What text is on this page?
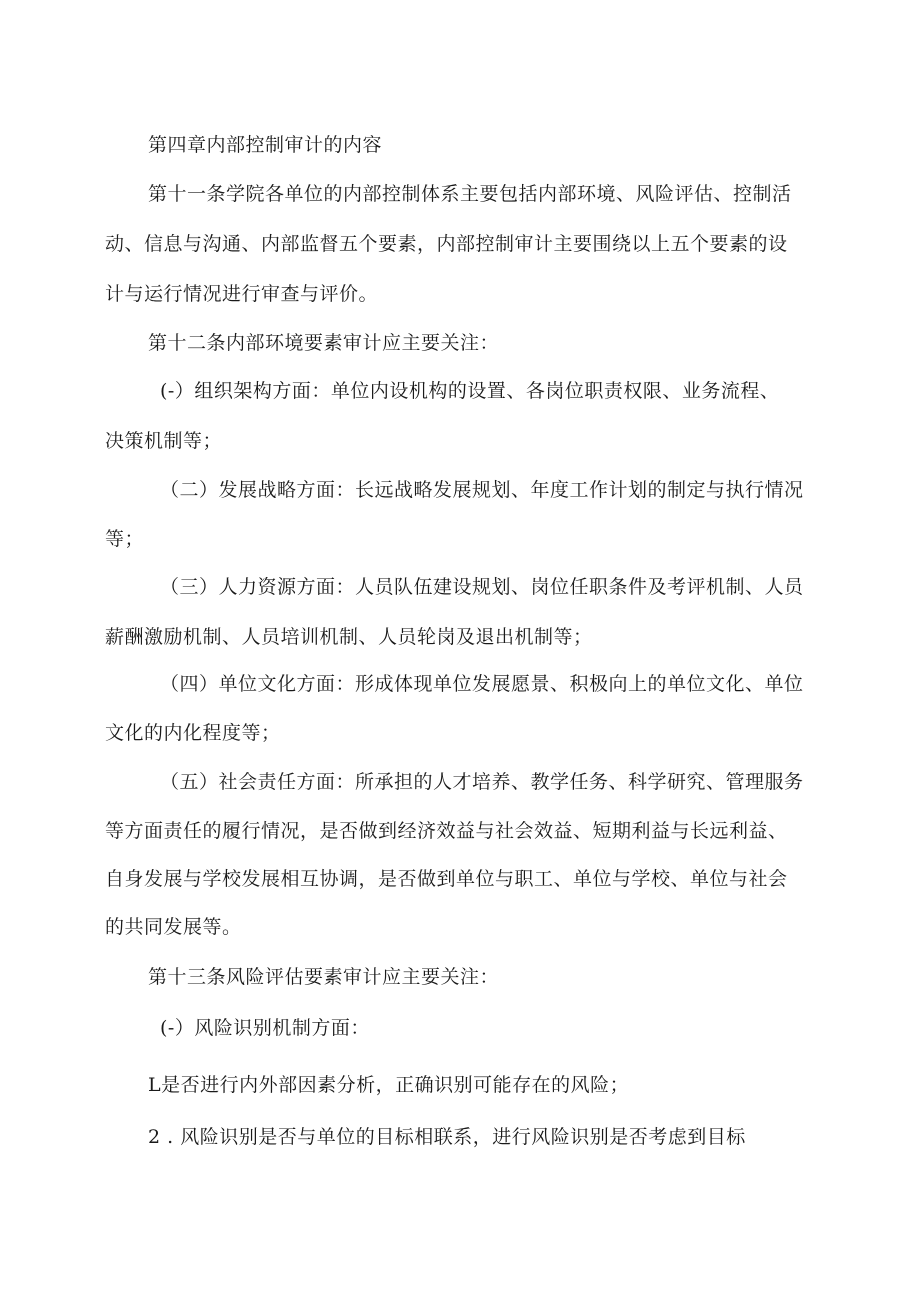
第四章内部控制审计的内容
第十一条学院各单位的内部控制体系主要包括内部环境、风险评估、控制活
动、信息与沟通、内部监督五个要素，内部控制审计主要围绕以上五个要素的设
计与运行情况进行审查与评价。
第十二条内部环境要素审计应主要关注：
(-）组织架构方面：单位内设机构的设置、各岗位职责权限、业务流程、
决策机制等；
（二）发展战略方面：长远战略发展规划、年度工作计划的制定与执行情况
等；
（三）人力资源方面：人员队伍建设规划、岗位任职条件及考评机制、人员
薪酬激励机制、人员培训机制、人员轮岗及退出机制等；
（四）单位文化方面：形成体现单位发展愿景、积极向上的单位文化、单位
文化的内化程度等；
（五）社会责任方面：所承担的人才培养、教学任务、科学研究、管理服务
等方面责任的履行情况，是否做到经济效益与社会效益、短期利益与长远利益、
自身发展与学校发展相互协调，是否做到单位与职工、单位与学校、单位与社会
的共同发展等。
第十三条风险评估要素审计应主要关注：
(-）风险识别机制方面：
L是否进行内外部因素分析，正确识别可能存在的风险；
2 . 风险识别是否与单位的目标相联系，进行风险识别是否考虑到目标
